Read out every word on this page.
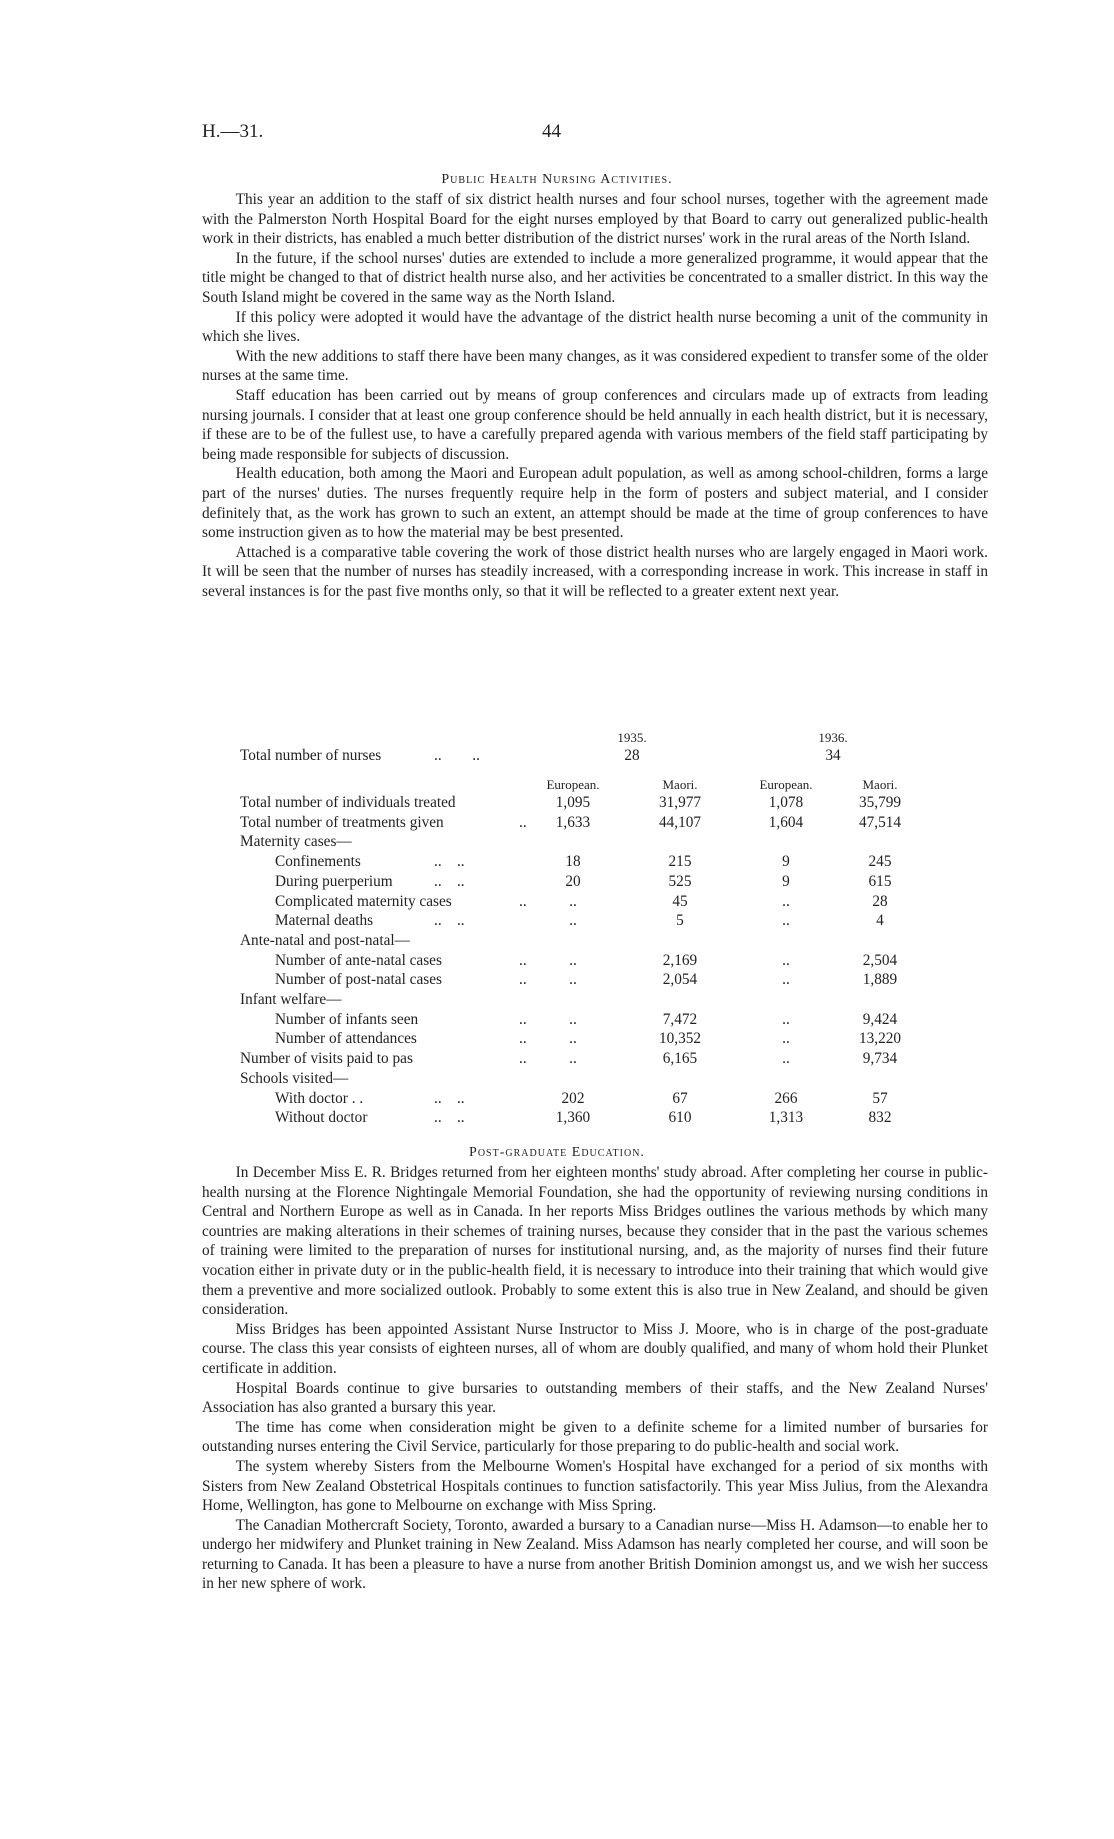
H.—31.	44
Public Health Nursing Activities.

This year an addition to the staff of six district health nurses and four school nurses, together with the agreement made with the Palmerston North Hospital Board for the eight nurses employed by that Board to carry out generalized public-health work in their districts, has enabled a much better distribution of the district nurses' work in the rural areas of the North Island.

In the future, if the school nurses' duties are extended to include a more generalized programme, it would appear that the title might be changed to that of district health nurse also, and her activities be concentrated to a smaller district. In this way the South Island might be covered in the same way as the North Island.

If this policy were adopted it would have the advantage of the district health nurse becoming a unit of the community in which she lives.

With the new additions to staff there have been many changes, as it was considered expedient to transfer some of the older nurses at the same time.

Staff education has been carried out by means of group conferences and circulars made up of extracts from leading nursing journals. I consider that at least one group conference should be held annually in each health district, but it is necessary, if these are to be of the fullest use, to have a carefully prepared agenda with various members of the field staff participating by being made responsible for subjects of discussion.

Health education, both among the Maori and European adult population, as well as among school-children, forms a large part of the nurses' duties. The nurses frequently require help in the form of posters and subject material, and I consider definitely that, as the work has grown to such an extent, an attempt should be made at the time of group conferences to have some instruction given as to how the material may be best presented.

Attached is a comparative table covering the work of those district health nurses who are largely engaged in Maori work. It will be seen that the number of nurses has steadily increased, with a corresponding increase in work. This increase in staff in several instances is for the past five months only, so that it will be reflected to a greater extent next year.

1935.	1936.
Total number of nurses	..        ..	28	34
European.	Maori.	European.	Maori.
Total number of individuals treated	1,095	31,977	1,078	35,799
Total number of treatments given	..	1,633	44,107	1,604	47,514
Maternity cases—
Confinements	..    ..	18	215	9	245
During puerperium	..    ..	20	525	9	615
Complicated maternity cases	..	..	45	..	28
Maternal deaths	..    ..	..	5	..	4
Ante-natal and post-natal—
Number of ante-natal cases	..	..	2,169	..	2,504
Number of post-natal cases	..	..	2,054	..	1,889
Infant welfare—
Number of infants seen	..	..	7,472	..	9,424
Number of attendances	..	..	10,352	..	13,220
Number of visits paid to pas	..	..	6,165	..	9,734
Schools visited—
With doctor . .	..    ..	202	67	266	57
Without doctor	..    ..	1,360	610	1,313	832
Post-graduate Education.

In December Miss E. R. Bridges returned from her eighteen months' study abroad. After completing her course in public-health nursing at the Florence Nightingale Memorial Foundation, she had the opportunity of reviewing nursing conditions in Central and Northern Europe as well as in Canada. In her reports Miss Bridges outlines the various methods by which many countries are making alterations in their schemes of training nurses, because they consider that in the past the various schemes of training were limited to the preparation of nurses for institutional nursing, and, as the majority of nurses find their future vocation either in private duty or in the public-health field, it is necessary to introduce into their training that which would give them a preventive and more socialized outlook. Probably to some extent this is also true in New Zealand, and should be given consideration.

Miss Bridges has been appointed Assistant Nurse Instructor to Miss J. Moore, who is in charge of the post-graduate course. The class this year consists of eighteen nurses, all of whom are doubly qualified, and many of whom hold their Plunket certificate in addition.

Hospital Boards continue to give bursaries to outstanding members of their staffs, and the New Zealand Nurses' Association has also granted a bursary this year.

The time has come when consideration might be given to a definite scheme for a limited number of bursaries for outstanding nurses entering the Civil Service, particularly for those preparing to do public-health and social work.

The system whereby Sisters from the Melbourne Women's Hospital have exchanged for a period of six months with Sisters from New Zealand Obstetrical Hospitals continues to function satisfactorily. This year Miss Julius, from the Alexandra Home, Wellington, has gone to Melbourne on exchange with Miss Spring.

The Canadian Mothercraft Society, Toronto, awarded a bursary to a Canadian nurse—Miss H. Adamson—to enable her to undergo her midwifery and Plunket training in New Zealand. Miss Adamson has nearly completed her course, and will soon be returning to Canada. It has been a pleasure to have a nurse from another British Dominion amongst us, and we wish her success in her new sphere of work.
